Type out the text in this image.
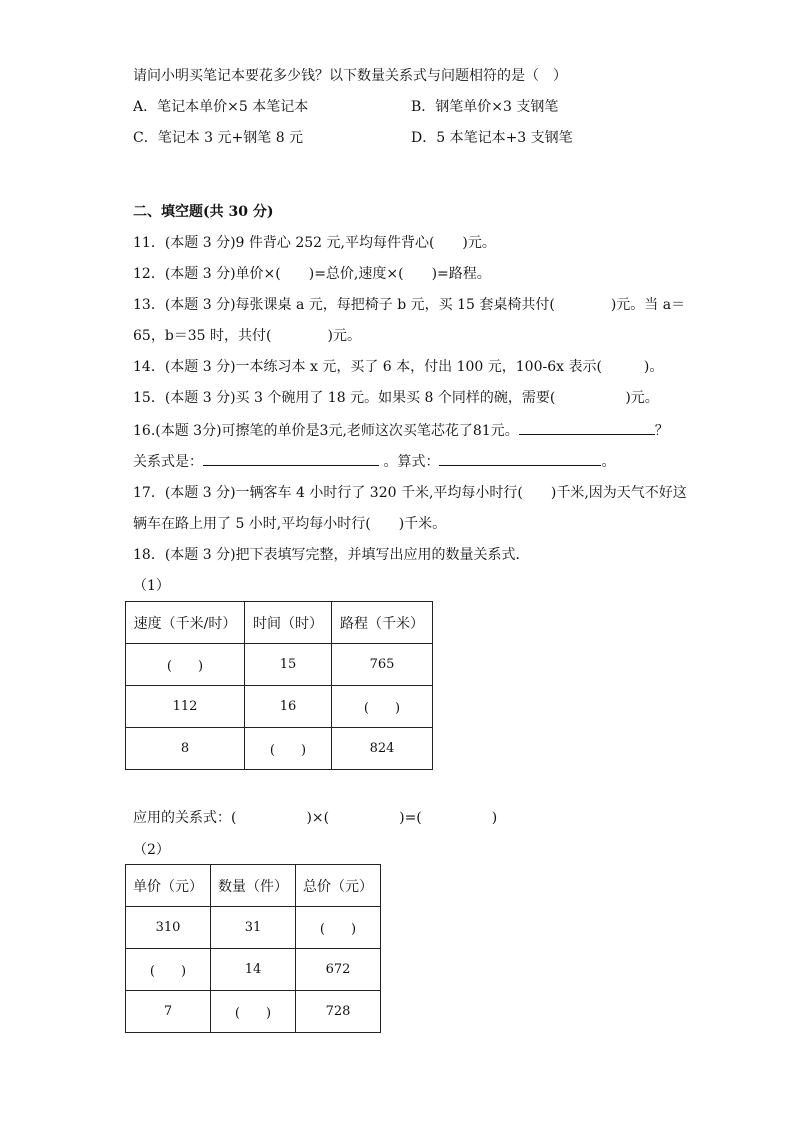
请问小明买笔记本要花多少钱？以下数量关系式与问题相符的是（　）
A．笔记本单价×5 本笔记本	B．钢笔单价×3 支钢笔
C．笔记本 3 元+钢笔 8 元	D．5 本笔记本+3 支钢笔
二、填空题(共 30 分)
11．(本题 3 分)9 件背心 252 元,平均每件背心(　　)元。
12．(本题 3 分)单价×(　　)=总价,速度×(　　)=路程。
13．(本题 3 分)每张课桌 a 元，每把椅子 b 元，买 15 套桌椅共付(　　　　)元。当 a＝
65，b＝35 时，共付(　　　　)元。
14．(本题 3 分)一本练习本 x 元，买了 6 本，付出 100 元，100-6x 表示(　　　)。
15．(本题 3 分)买 3 个碗用了 18 元。如果买 8 个同样的碗，需要(　　　　　)元。
16.(本题 3分)可擦笔的单价是3元,老师这次买笔芯花了81元。	？
关系式是：	。算式：	。
17．(本题 3 分)一辆客车 4 小时行了 320 千米,平均每小时行(　　)千米,因为天气不好这
辆车在路上用了 5 小时,平均每小时行(　　)千米。
18．(本题 3 分)把下表填写完整，并填写出应用的数量关系式．
（1）
速度（千米/时）	时间（时）	路程（千米）
(　　)	15	765
112	16	(　　)
8	(　　)	824
应用的关系式：(　　　　　)×(　　　　　)=(　　　　　)
（2）
单价（元）	数量（件）	总价（元）
310	31	(　　)
(　　)	14	672
7	(　　)	728
